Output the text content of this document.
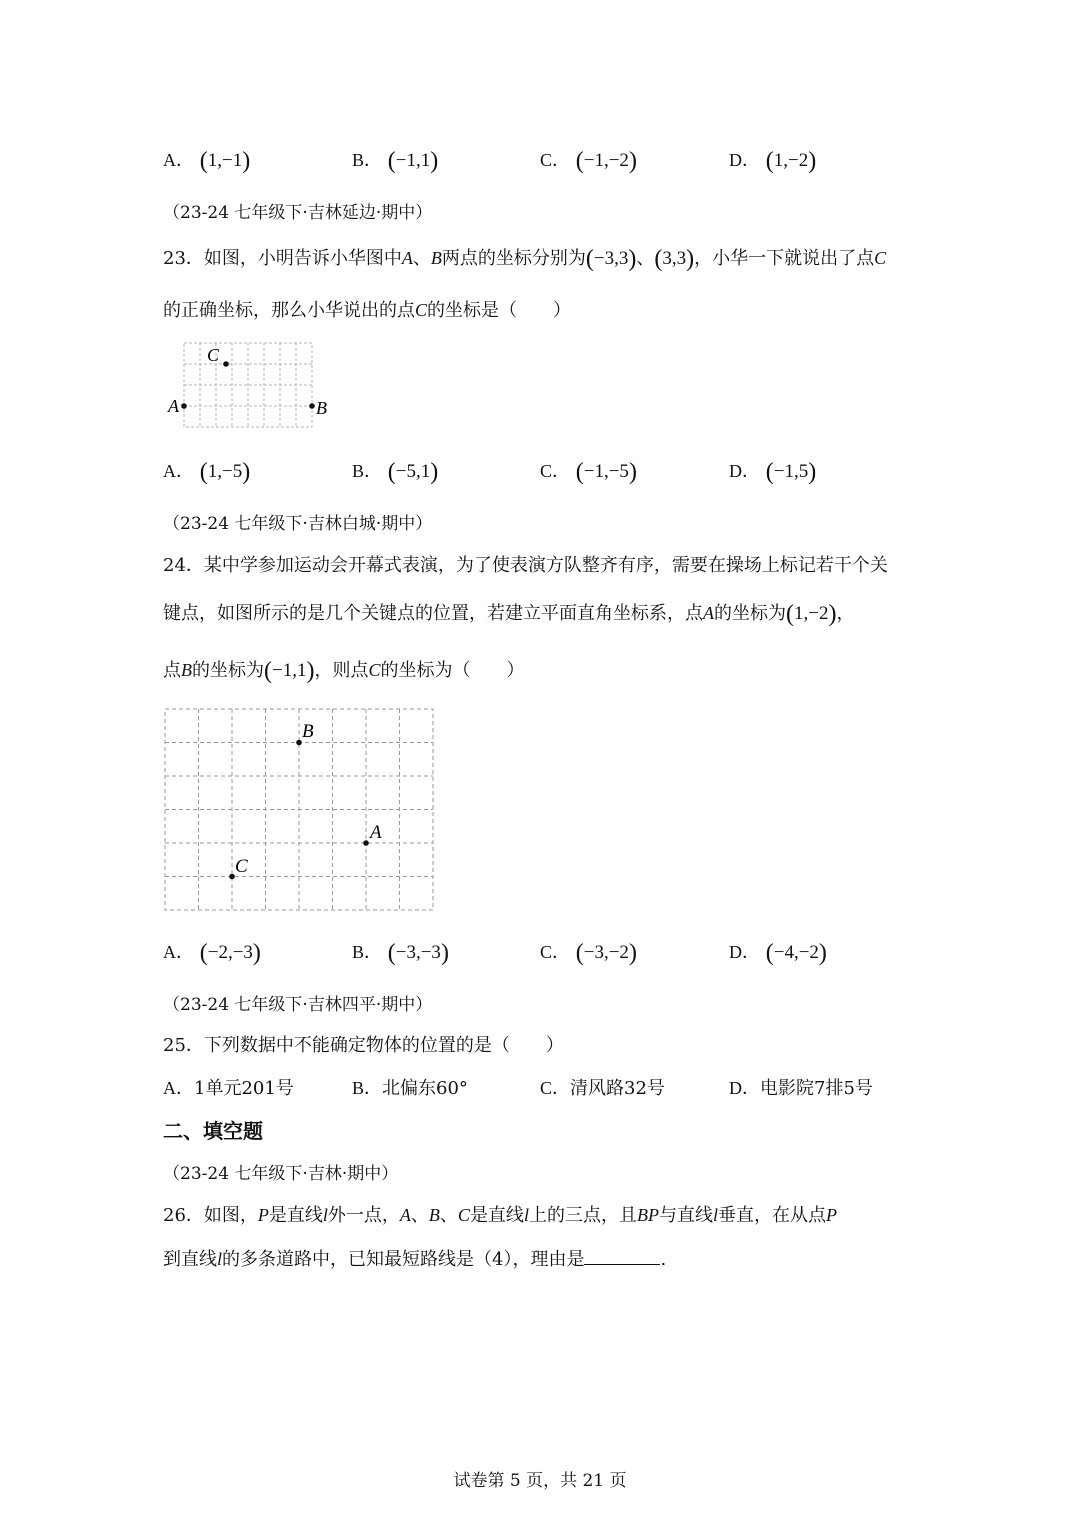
A． (1,−1)	B． (−1,1)	C． (−1,−2)	D． (1,−2)
（23-24 七年级下·吉林延边·期中）
23．如图，小明告诉小华图中A、B两点的坐标分别为(−3,3)、(3,3)，小华一下就说出了点C
的正确坐标，那么小华说出的点C的坐标是（　　）
A	B
C
A． (1,−5)	B． (−5,1)	C． (−1,−5)	D． (−1,5)
（23-24 七年级下·吉林白城·期中）
24．某中学参加运动会开幕式表演，为了使表演方队整齐有序，需要在操场上标记若干个关
键点，如图所示的是几个关键点的位置，若建立平面直角坐标系，点A的坐标为(1,−2)，
点B的坐标为(−1,1)，则点C的坐标为（　　）
B
A
C
A． (−2,−3)	B． (−3,−3)	C． (−3,−2)	D． (−4,−2)
（23-24 七年级下·吉林四平·期中）
25．下列数据中不能确定物体的位置的是（　　）
A．1单元201号	B．北偏东60°	C．清风路32号	D．电影院7排5号
二、填空题
（23-24 七年级下·吉林·期中）
26．如图，P是直线l外一点，A、B、C是直线l上的三点，且BP与直线l垂直，在从点P
到直线l的多条道路中，已知最短路线是（4），理由是	.
试卷第 5 页，共 21 页
